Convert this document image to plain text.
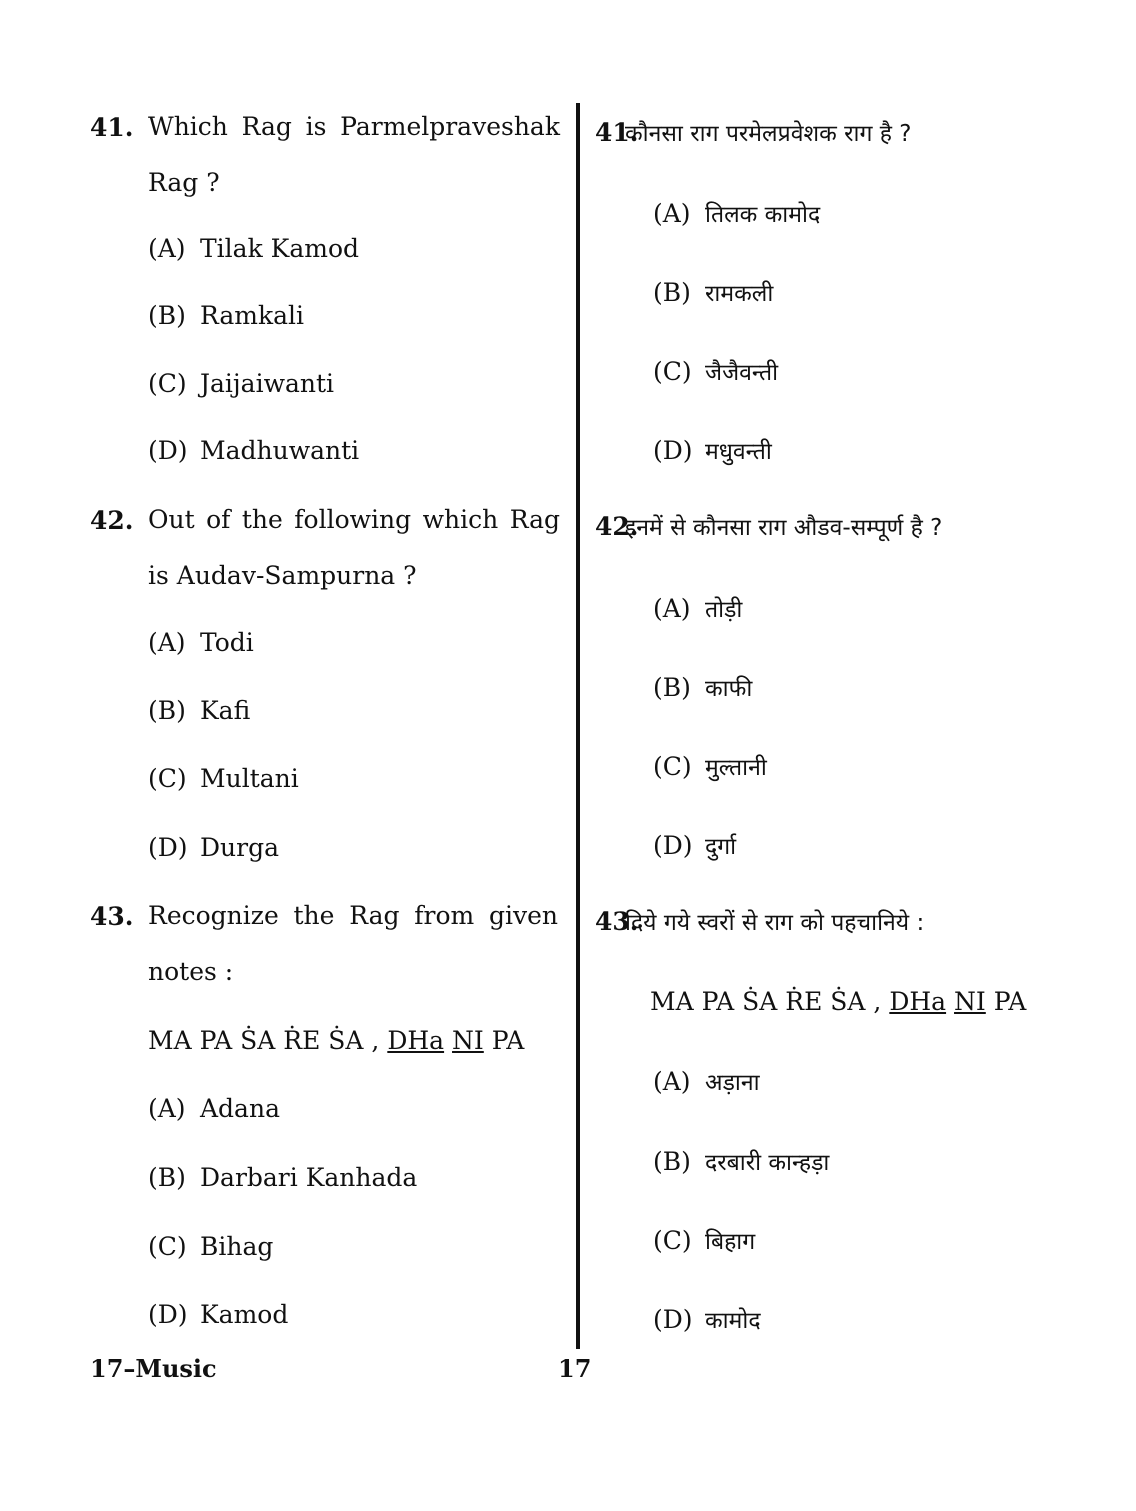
41. Which Rag is Parmelpraveshak Rag ?
(A) Tilak Kamod
(B) Ramkali
(C) Jaijaiwanti
(D) Madhuwanti
42. Out of the following which Rag is Audav-Sampurna ?
(A) Todi
(B) Kafi
(C) Multani
(D) Durga
43. Recognize the Rag from given notes :
MA PA ṠA ṘE ṠA , DHa NI PA
(A) Adana
(B) Darbari Kanhada
(C) Bihag
(D) Kamod
41.
कौनसा राग परमेलप्रवेशक राग है ?
(A) तिलक कामोद
(B) रामकली
(C) जैजैवन्ती
(D) मधुवन्ती
42.
इनमें से कौनसा राग औडव-सम्पूर्ण है ?
(A) तोड़ी
(B) काफी
(C) मुल्तानी
(D) दुर्गा
43.
दिये गये स्वरों से राग को पहचानिये :
MA PA ṠA ṘE ṠA , DHa NI PA
(A) अड़ाना
(B) दरबारी कान्हड़ा
(C) बिहाग
(D) कामोद
17–Music	17
